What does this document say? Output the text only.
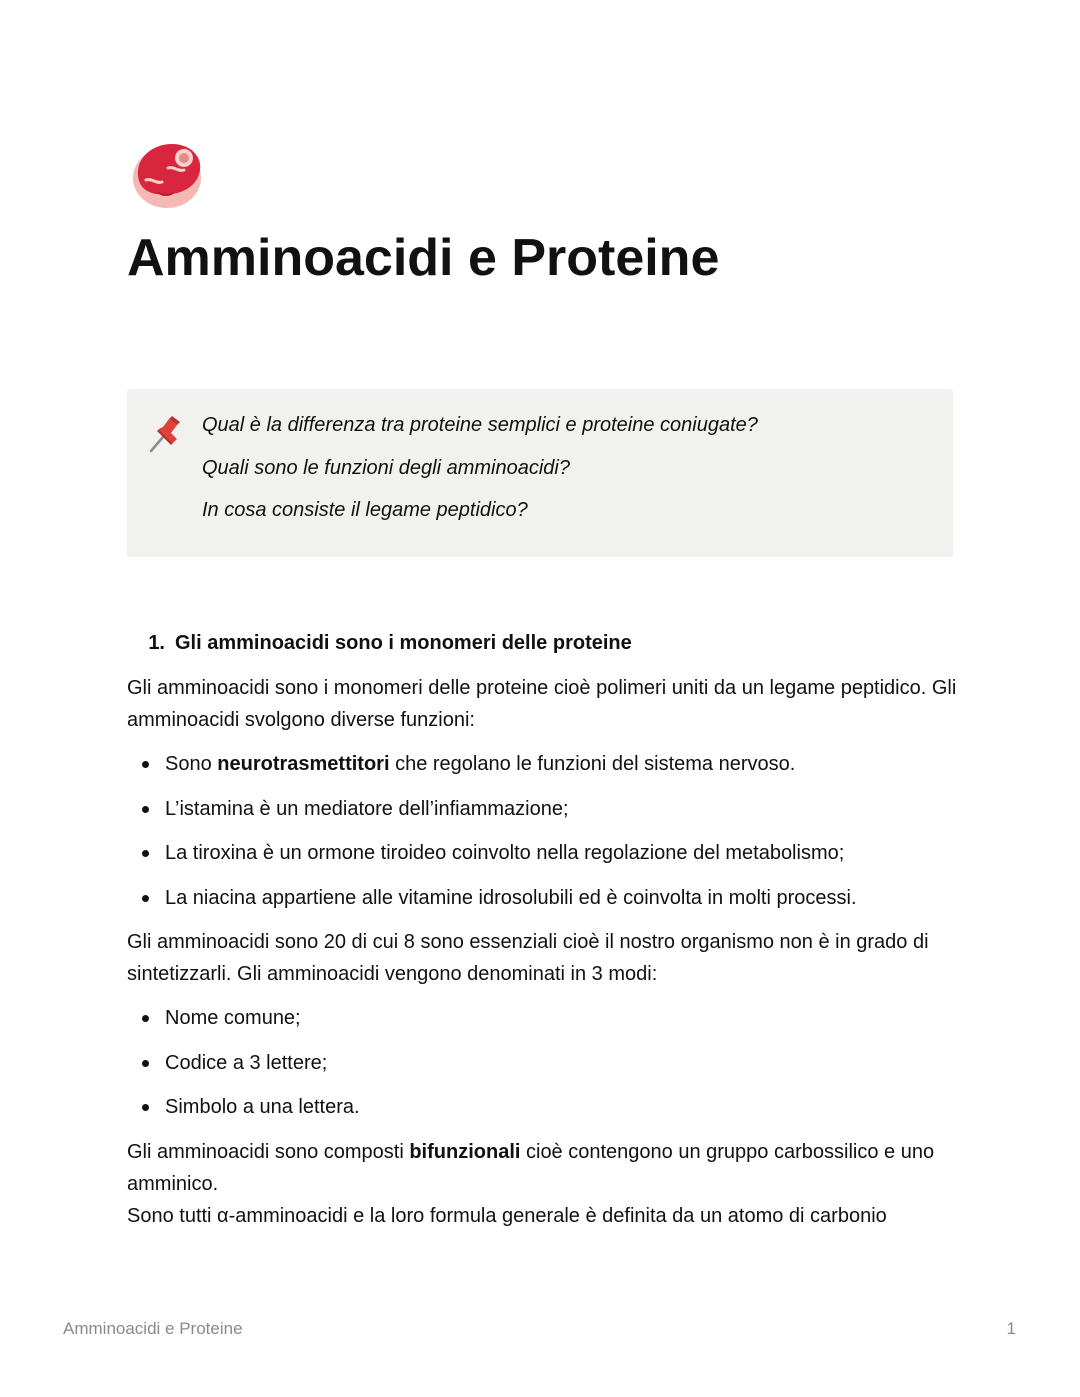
Amminoacidi e Proteine
Qual è la differenza tra proteine semplici e proteine coniugate?
Quali sono le funzioni degli amminoacidi?
In cosa consiste il legame peptidico?
1. Gli amminoacidi sono i monomeri delle proteine

Gli amminoacidi sono i monomeri delle proteine cioè polimeri uniti da un legame peptidico. Gli amminoacidi svolgono diverse funzioni:

Sono neurotrasmettitori che regolano le funzioni del sistema nervoso.
L’istamina è un mediatore dell’infiammazione;
La tiroxina è un ormone tiroideo coinvolto nella regolazione del metabolismo;
La niacina appartiene alle vitamine idrosolubili ed è coinvolta in molti processi.

Gli amminoacidi sono 20 di cui 8 sono essenziali cioè il nostro organismo non è in grado di sintetizzarli. Gli amminoacidi vengono denominati in 3 modi:

Nome comune;
Codice a 3 lettere;
Simbolo a una lettera.

Gli amminoacidi sono composti bifunzionali cioè contengono un gruppo carbossilico e uno amminico.

Sono tutti α-amminoacidi e la loro formula generale è definita da un atomo di carbonio

Amminoacidi e Proteine	1
